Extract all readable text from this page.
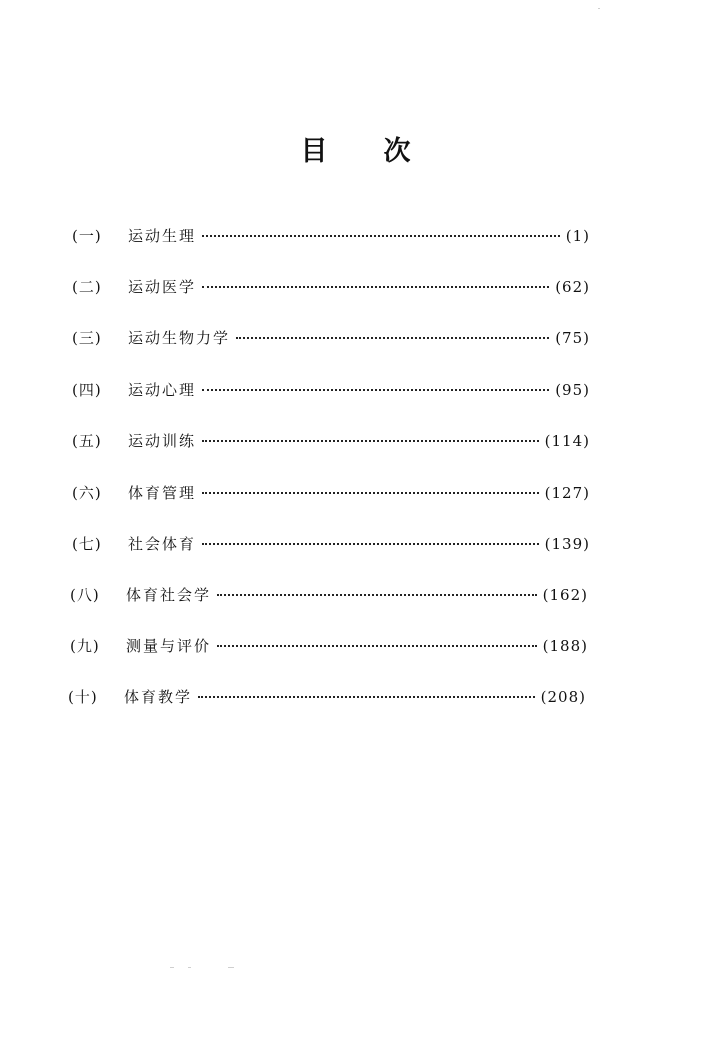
目 次
(一)	运动生理	(1)
(二)	运动医学	(62)
(三)	运动生物力学	(75)
(四)	运动心理	(95)
(五)	运动训练	(114)
(六)	体育管理	(127)
(七)	社会体育	(139)
(八)	体育社会学	(162)
(九)	测量与评价	(188)
(十)	体育教学	(208)
